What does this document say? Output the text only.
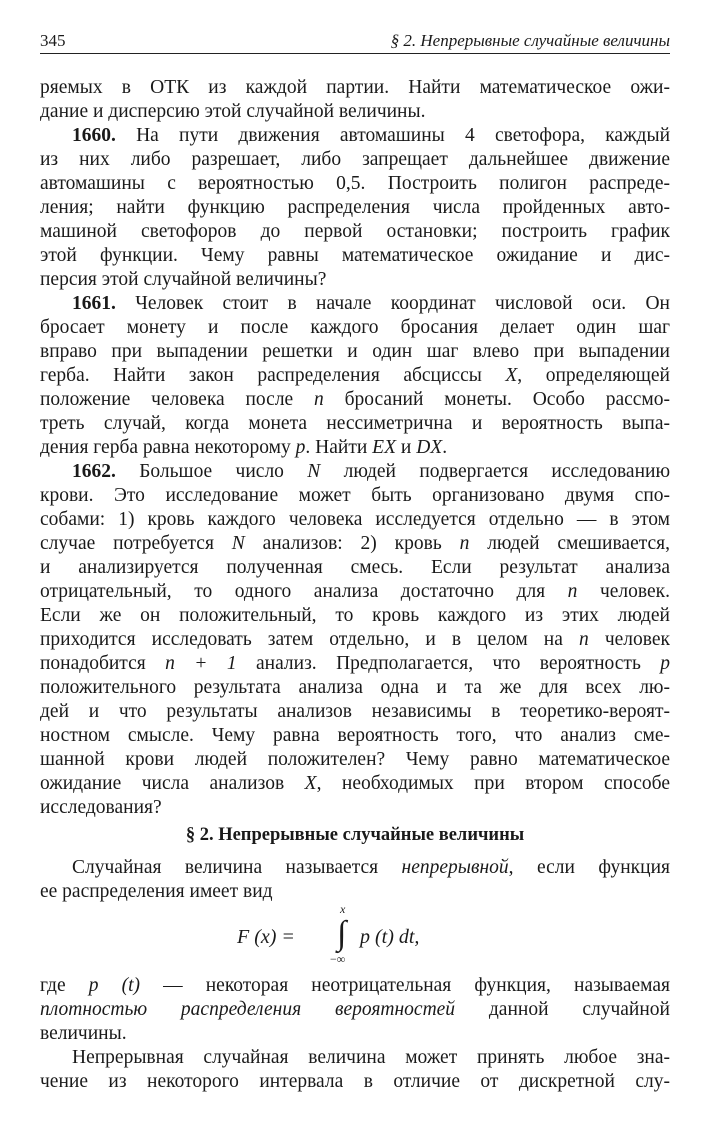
345	§ 2. Непрерывные случайные величины
ряемых в ОТК из каждой партии. Найти математическое ожи-
дание и дисперсию этой случайной величины.
1660. На пути движения автомашины 4 светофора, каждый
из них либо разрешает, либо запрещает дальнейшее движение
автомашины с вероятностью 0,5. Построить полигон распреде-
ления; найти функцию распределения числа пройденных авто-
машиной светофоров до первой остановки; построить график
этой функции. Чему равны математическое ожидание и дис-
персия этой случайной величины?
1661. Человек стоит в начале координат числовой оси. Он
бросает монету и после каждого бросания делает один шаг
вправо при выпадении решетки и один шаг влево при выпадении
герба. Найти закон распределения абсциссы X, определяющей
положение человека после n бросаний монеты. Особо рассмо-
треть случай, когда монета нессиметрична и вероятность выпа-
дения герба равна некоторому p. Найти EX и DX.
1662. Большое число N людей подвергается исследованию
крови. Это исследование может быть организовано двумя спо-
собами: 1) кровь каждого человека исследуется отдельно — в этом
случае потребуется N анализов: 2) кровь n людей смешивается,
и анализируется полученная смесь. Если результат анализа
отрицательный, то одного анализа достаточно для n человек.
Если же он положительный, то кровь каждого из этих людей
приходится исследовать затем отдельно, и в целом на n человек
понадобится n + 1 анализ. Предполагается, что вероятность p
положительного результата анализа одна и та же для всех лю-
дей и что результаты анализов независимы в теоретико-вероят-
ностном смысле. Чему равна вероятность того, что анализ сме-
шанной крови людей положителен? Чему равно математическое
ожидание числа анализов X, необходимых при втором способе
исследования?
§ 2. Непрерывные случайные величины
Случайная величина называется непрерывной, если функция
ее распределения имеет вид
F (x) =
x
∫
−∞
p (t) dt,
где p (t) — некоторая неотрицательная функция, называемая
плотностью распределения вероятностей данной случайной
величины.
Непрерывная случайная величина может принять любое зна-
чение из некоторого интервала в отличие от дискретной слу-
